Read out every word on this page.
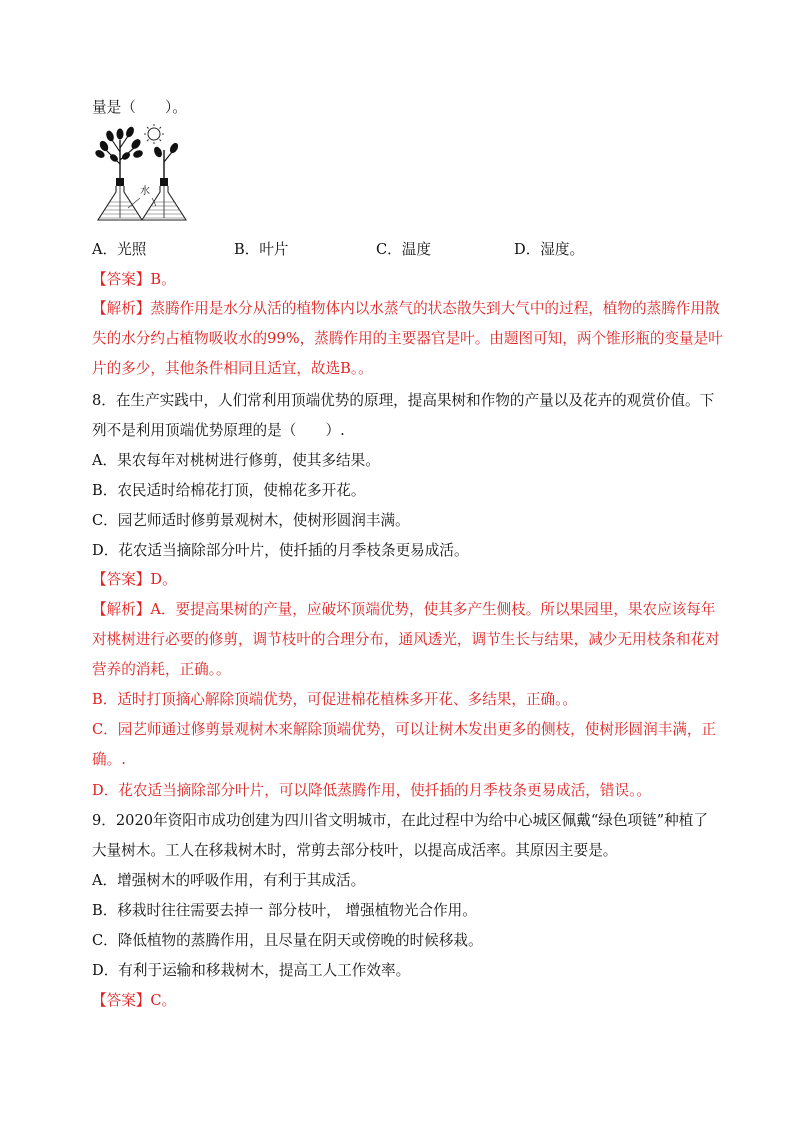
量是（　　）。
水
A．光照	B．叶片	C．温度	D．湿度。
【答案】B。
【解析】蒸腾作用是水分从活的植物体内以水蒸气的状态散失到大气中的过程，植物的蒸腾作用散
失的水分约占植物吸收水的99%，蒸腾作用的主要器官是叶。由题图可知，两个锥形瓶的变量是叶
片的多少，其他条件相同且适宜，故选B。。
8．在生产实践中，人们常利用顶端优势的原理，提高果树和作物的产量以及花卉的观赏价值。下
列不是利用顶端优势原理的是（　　）.
A．果农每年对桃树进行修剪，使其多结果。
B．农民适时给棉花打顶，使棉花多开花。
C．园艺师适时修剪景观树木，使树形圆润丰满。
D．花农适当摘除部分叶片，使扦插的月季枝条更易成活。
【答案】D。
【解析】A．要提高果树的产量，应破坏顶端优势，使其多产生侧枝。所以果园里，果农应该每年
对桃树进行必要的修剪，调节枝叶的合理分布，通风透光，调节生长与结果，减少无用枝条和花对
营养的消耗，正确。。
B．适时打顶摘心解除顶端优势，可促进棉花植株多开花、多结果，正确。。
C．园艺师通过修剪景观树木来解除顶端优势，可以让树木发出更多的侧枝，使树形圆润丰满，正
确。.
D．花农适当摘除部分叶片，可以降低蒸腾作用，使扦插的月季枝条更易成活，错误。。
9．2020年资阳市成功创建为四川省文明城市，在此过程中为给中心城区佩戴“绿色项链”种植了
大量树木。工人在移栽树木时，常剪去部分枝叶，以提高成活率。其原因主要是。
A．增强树木的呼吸作用，有利于其成活。
B．移栽时往往需要去掉一 部分枝叶， 增强植物光合作用。
C．降低植物的蒸腾作用，且尽量在阴天或傍晚的时候移栽。
D．有利于运输和移栽树木，提高工人工作效率。
【答案】C。
